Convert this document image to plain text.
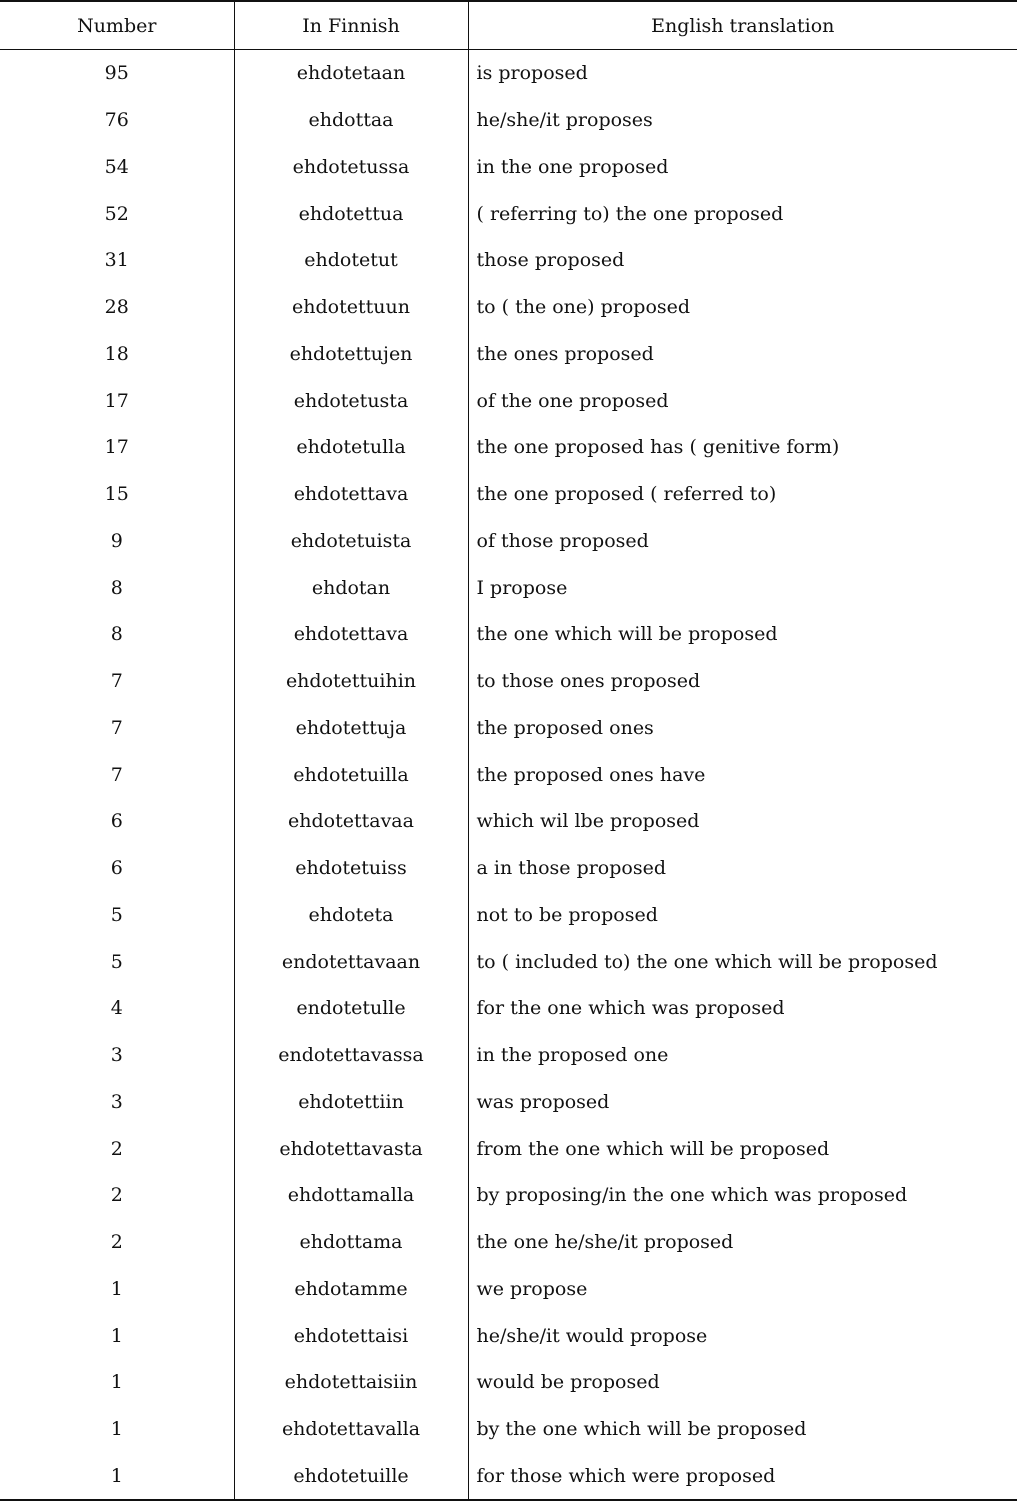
Number	In Finnish	English translation
95	ehdotetaan	is proposed
76	ehdottaa	he/she/it proposes
54	ehdotetussa	in the one proposed
52	ehdotettua	( referring to) the one proposed
31	ehdotetut	those proposed
28	ehdotettuun	to ( the one) proposed
18	ehdotettujen	the ones proposed
17	ehdotetusta	of the one proposed
17	ehdotetulla	the one proposed has ( genitive form)
15	ehdotettava	the one proposed ( referred to)
9	ehdotetuista	of those proposed
8	ehdotan	I propose
8	ehdotettava	the one which will be proposed
7	ehdotettuihin	to those ones proposed
7	ehdotettuja	the proposed ones
7	ehdotetuilla	the proposed ones have
6	ehdotettavaa	which wil lbe proposed
6	ehdotetuiss	a in those proposed
5	ehdoteta	not to be proposed
5	endotettavaan	to ( included to) the one which will be proposed
4	endotetulle	for the one which was proposed
3	endotettavassa	in the proposed one
3	ehdotettiin	was proposed
2	ehdotettavasta	from the one which will be proposed
2	ehdottamalla	by proposing/in the one which was proposed
2	ehdottama	the one he/she/it proposed
1	ehdotamme	we propose
1	ehdotettaisi	he/she/it would propose
1	ehdotettaisiin	would be proposed
1	ehdotettavalla	by the one which will be proposed
1	ehdotetuille	for those which were proposed
